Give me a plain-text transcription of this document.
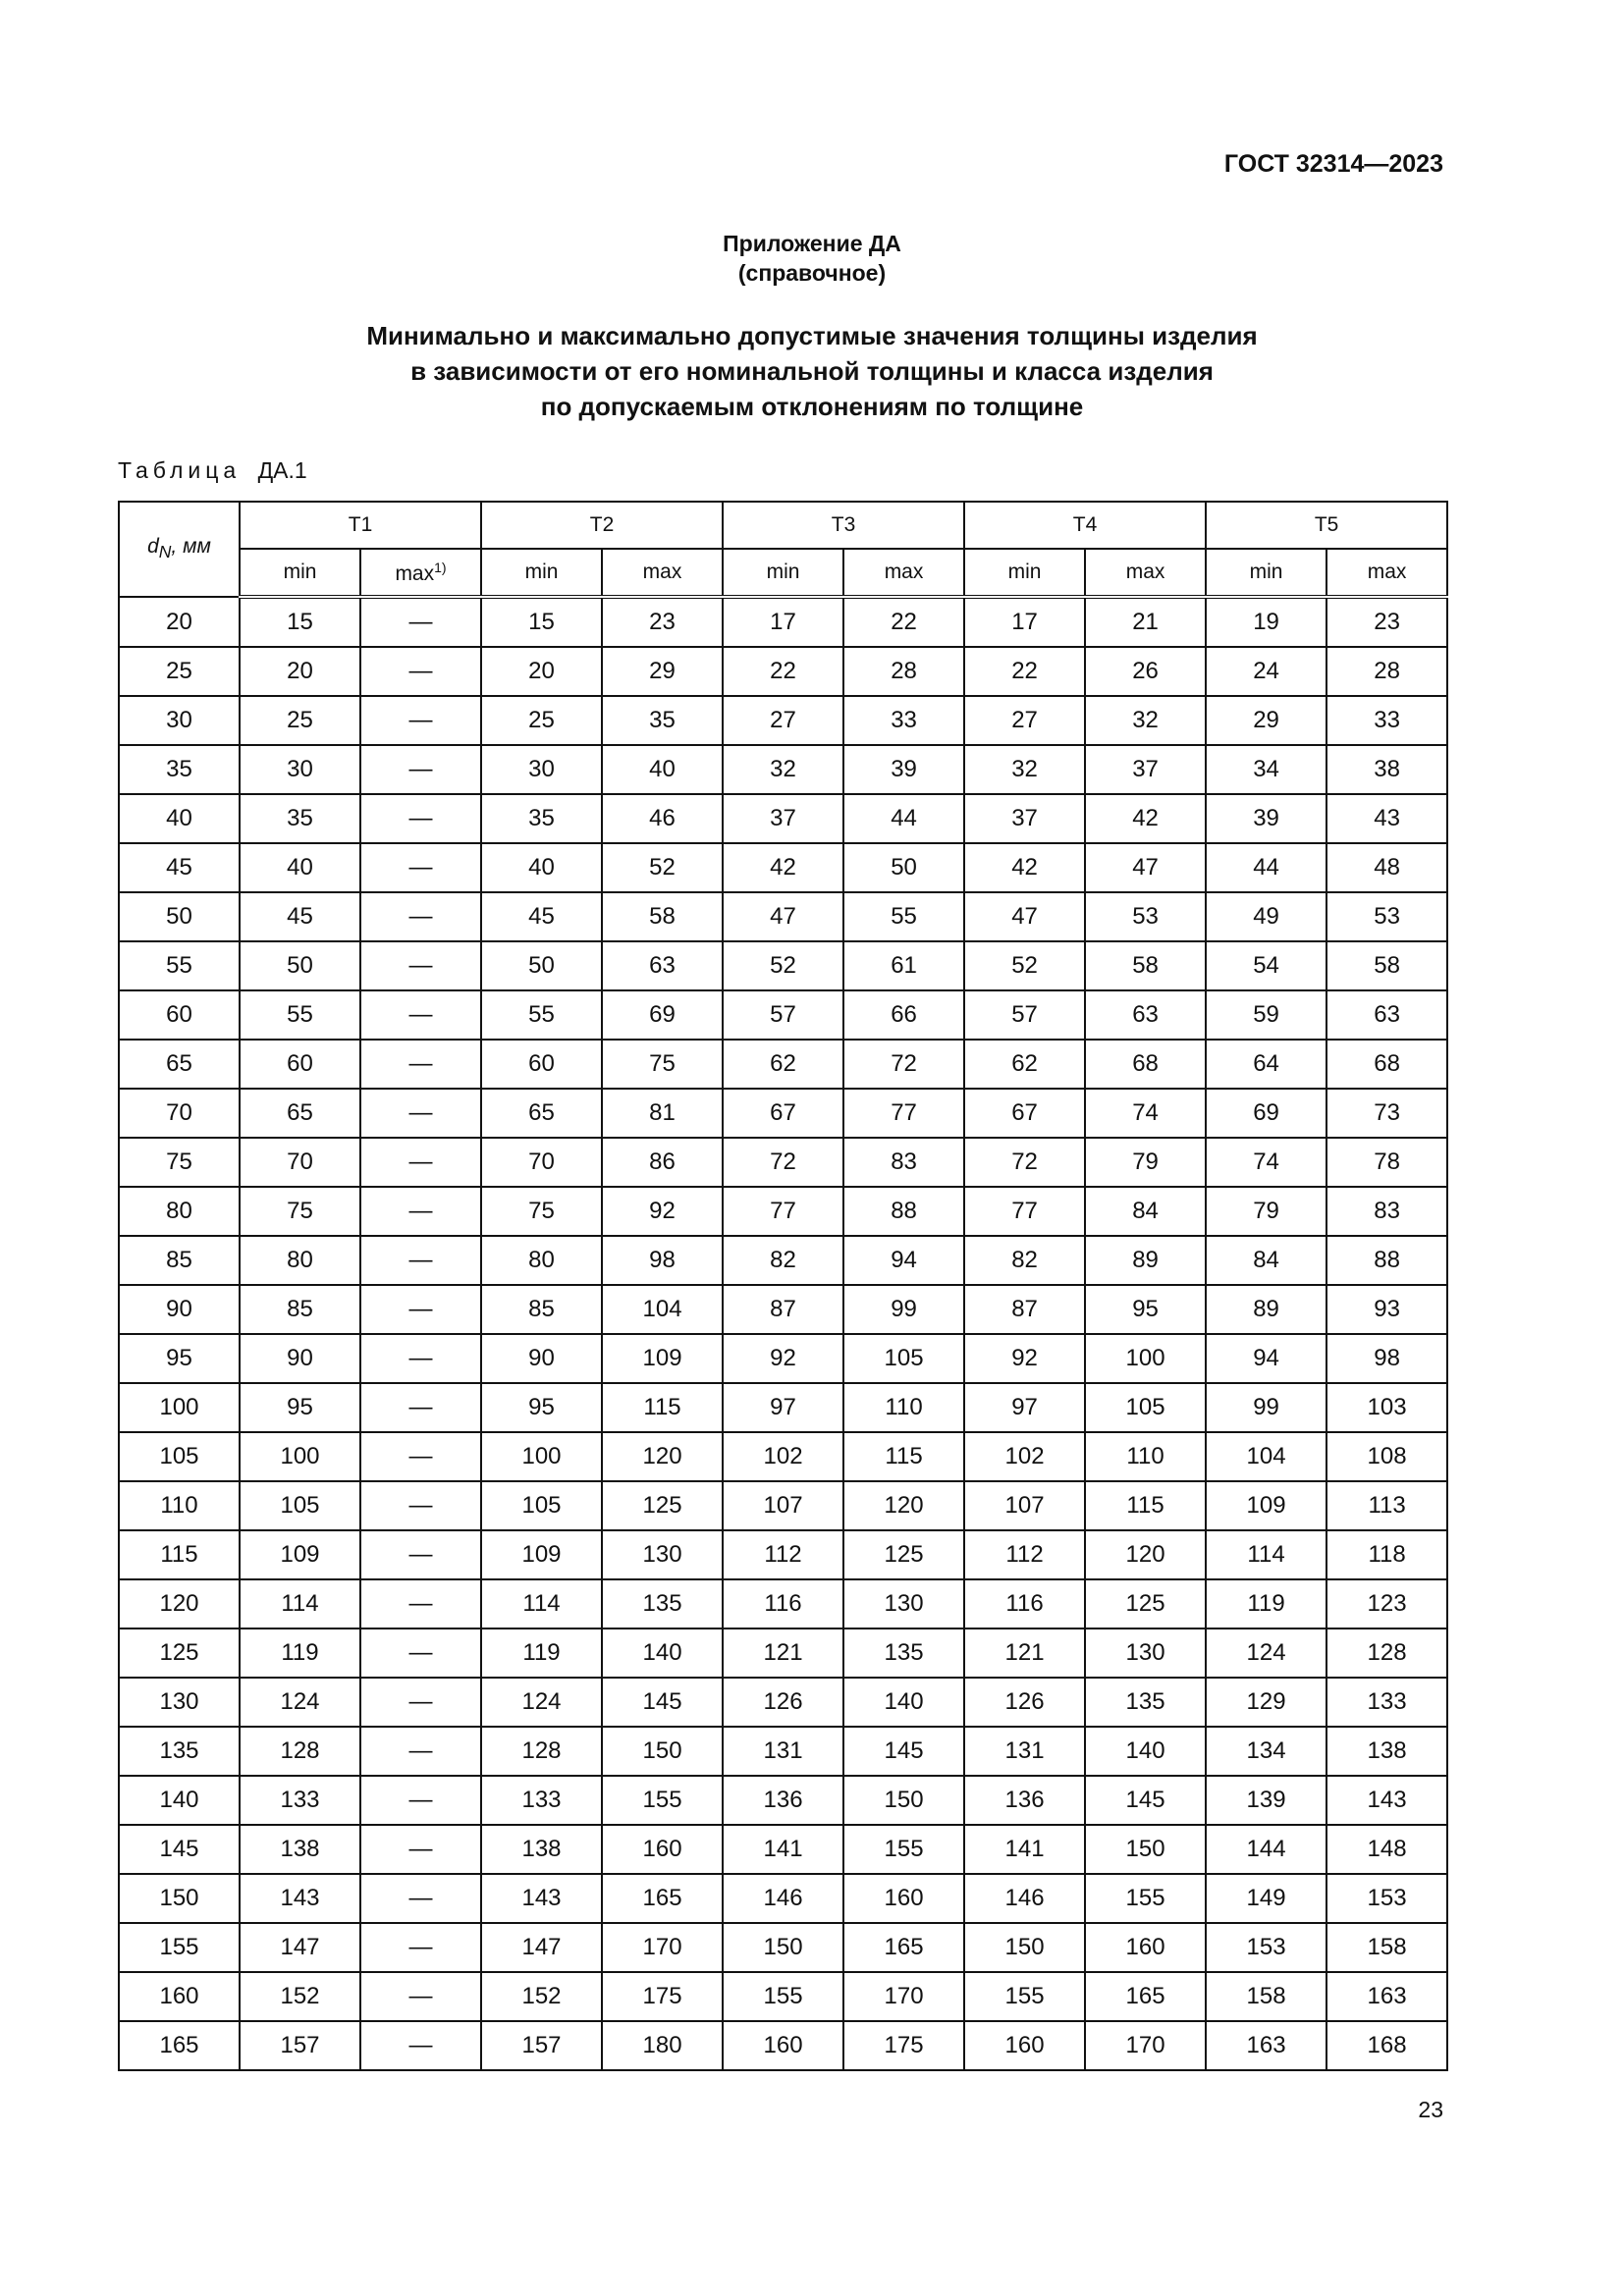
ГОСТ 32314—2023
Приложение ДА
(справочное)
Минимально и максимально допустимые значения толщины изделия
в зависимости от его номинальной толщины и класса изделия
по допускаемым отклонениям по толщине
Таблица ДА.1
$d_N$, мм	T1		T2		T3		T4		T5	
	min	$\max^{1)}$	min	max	min	max	min	max	min	max
20	15	—	15	23	17	22	17	21	19	23
25	20	—	20	29	22	28	22	26	24	28
30	25	—	25	35	27	33	27	32	29	33
35	30	—	30	40	32	39	32	37	34	38
40	35	—	35	46	37	44	37	42	39	43
45	40	—	40	52	42	50	42	47	44	48
50	45	—	45	58	47	55	47	53	49	53
55	50	—	50	63	52	61	52	58	54	58
60	55	—	55	69	57	66	57	63	59	63
65	60	—	60	75	62	72	62	68	64	68
70	65	—	65	81	67	77	67	74	69	73
75	70	—	70	86	72	83	72	79	74	78
80	75	—	75	92	77	88	77	84	79	83
85	80	—	80	98	82	94	82	89	84	88
90	85	—	85	104	87	99	87	95	89	93
95	90	—	90	109	92	105	92	100	94	98
100	95	—	95	115	97	110	97	105	99	103
105	100	—	100	120	102	115	102	110	104	108
110	105	—	105	125	107	120	107	115	109	113
115	109	—	109	130	112	125	112	120	114	118
120	114	—	114	135	116	130	116	125	119	123
125	119	—	119	140	121	135	121	130	124	128
130	124	—	124	145	126	140	126	135	129	133
135	128	—	128	150	131	145	131	140	134	138
140	133	—	133	155	136	150	136	145	139	143
145	138	—	138	160	141	155	141	150	144	148
150	143	—	143	165	146	160	146	155	149	153
155	147	—	147	170	150	165	150	160	153	158
160	152	—	152	175	155	170	155	165	158	163
165	157	—	157	180	160	175	160	170	163	168
23
